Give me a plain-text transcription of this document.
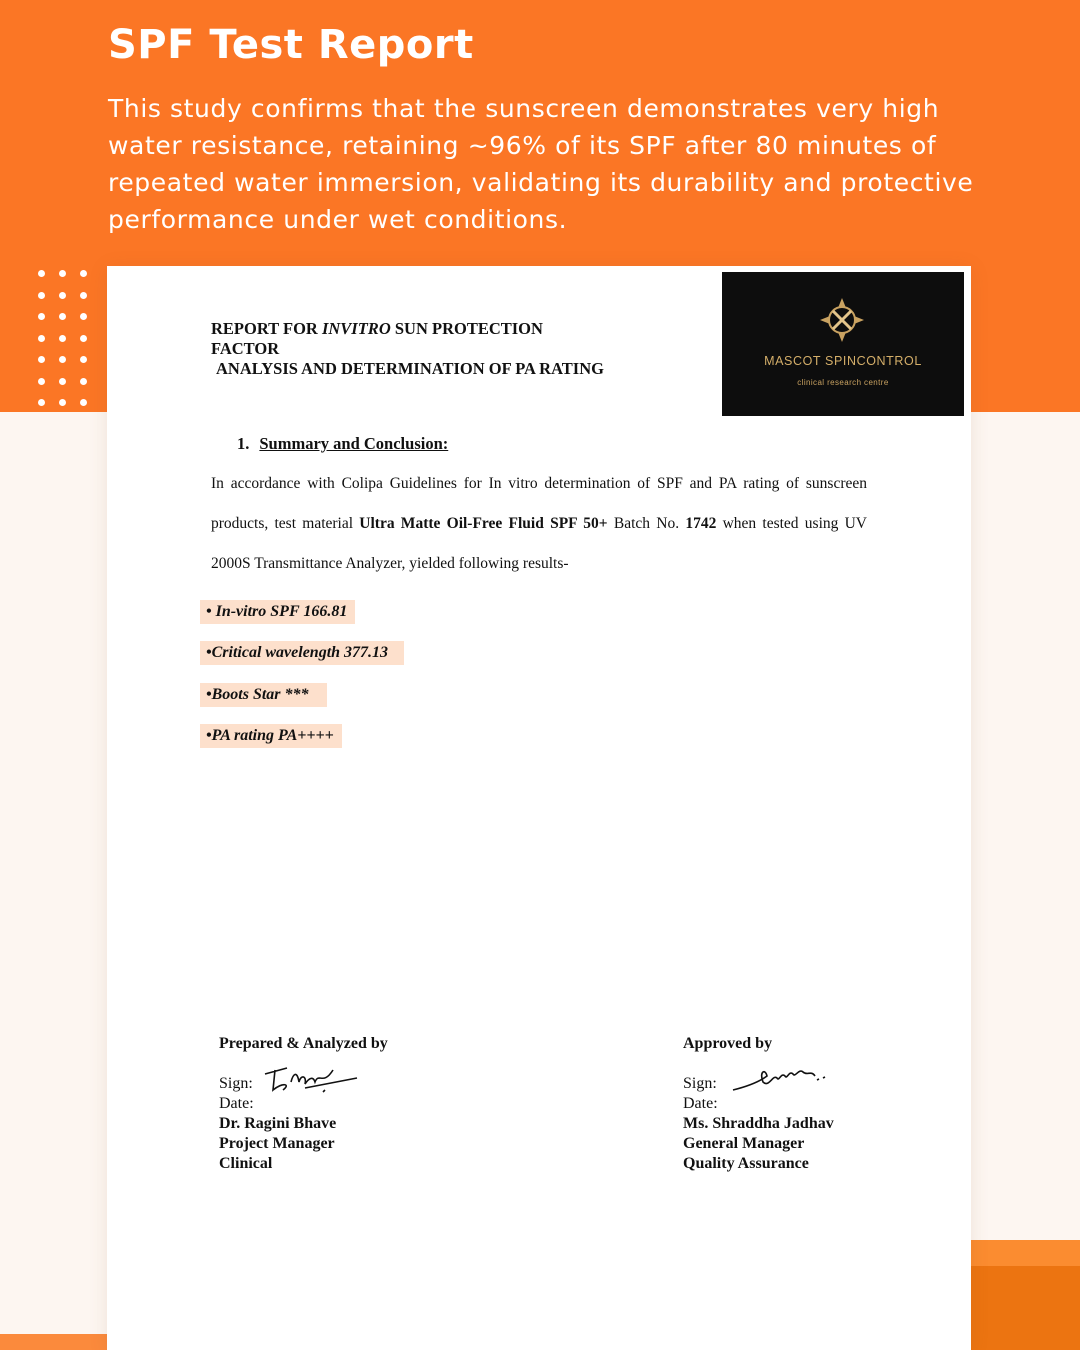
SPF Test Report

This study confirms that the sunscreen demonstrates very high water resistance, retaining ~96% of its SPF after 80 minutes of repeated water immersion, validating its durability and protective performance under wet conditions.

REPORT FOR INVITRO SUN PROTECTION FACTOR
ANALYSIS AND DETERMINATION OF PA RATING	MASCOT SPINCONTROL
clinical research centre

1. Summary and Conclusion:

In accordance with Colipa Guidelines for In vitro determination of SPF and PA rating of sunscreen products, test material Ultra Matte Oil-Free Fluid SPF 50+ Batch No. 1742 when tested using UV 2000S Transmittance Analyzer, yielded following results-

• In-vitro SPF 166.81
•Critical wavelength 377.13
•Boots Star ***
•PA rating PA++++
Prepared & Analyzed by
Sign:
Date:
Dr. Ragini Bhave
Project Manager
Clinical
Approved by
Sign:
Date:
Ms. Shraddha Jadhav
General Manager
Quality Assurance
